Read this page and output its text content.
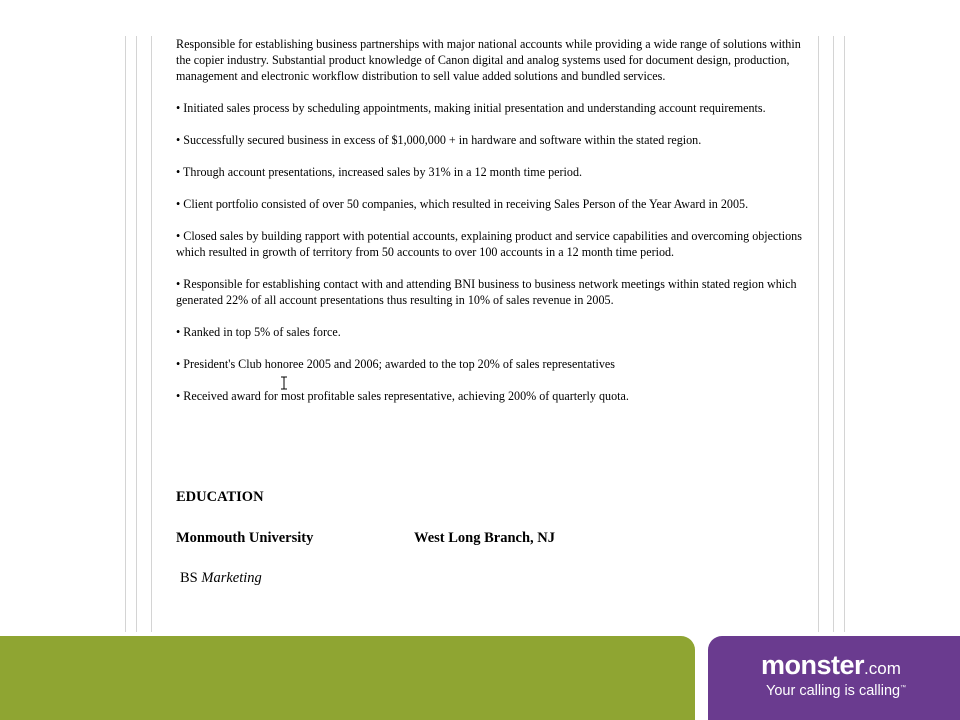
Responsible for establishing business partnerships with major national accounts while providing a wide range of solutions within the copier industry. Substantial product knowledge of Canon digital and analog systems used for document design, production, management and electronic workflow distribution to sell value added solutions and bundled services.

• Initiated sales process by scheduling appointments, making initial presentation and understanding account requirements.

• Successfully secured business in excess of $1,000,000 + in hardware and software within the stated region.

• Through account presentations, increased sales by 31% in a 12 month time period.

• Client portfolio consisted of over 50 companies, which resulted in receiving Sales Person of the Year Award in 2005.

• Closed sales by building rapport with potential accounts, explaining product and service capabilities and overcoming objections which resulted in growth of territory from 50 accounts to over 100 accounts in a 12 month time period.

• Responsible for establishing contact with and attending BNI business to business network meetings within stated region which generated 22% of all account presentations thus resulting in 10% of sales revenue in 2005.

• Ranked in top 5% of sales force.

• President's Club honoree 2005 and 2006; awarded to the top 20% of sales representatives

• Received award for most profitable sales representative, achieving 200% of quarterly quota.

EDUCATION
Monmouth University	West Long Branch, NJ
BS Marketing
monster.com
Your calling is calling™
